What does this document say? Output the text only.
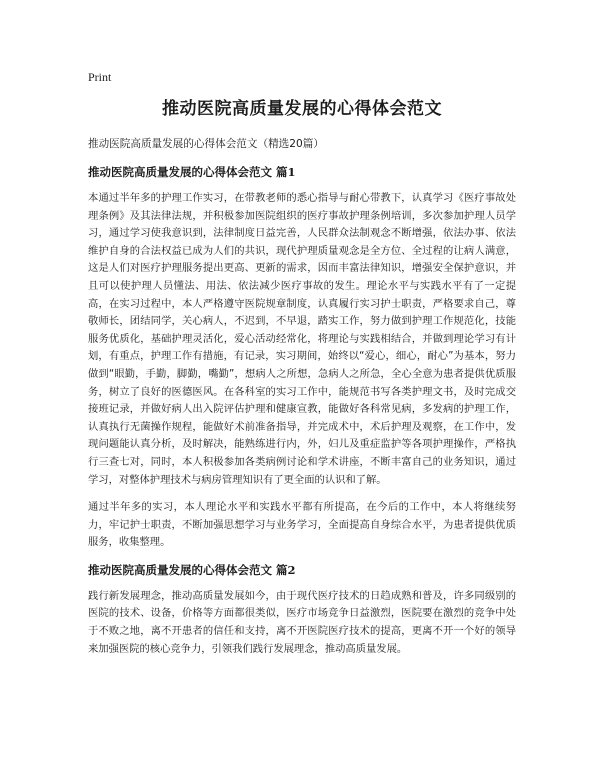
Print
推动医院高质量发展的心得体会范文
推动医院高质量发展的心得体会范文（精选20篇）
推动医院高质量发展的心得体会范文 篇1

本通过半年多的护理工作实习，在带教老师的悉心指导与耐心带教下，认真学习《医疗事故处理条例》及其法律法规，并积极参加医院组织的医疗事故护理条例培训，多次参加护理人员学习，通过学习使我意识到，法律制度日益完善，人民群众法制观念不断增强，依法办事、依法维护自身的合法权益已成为人们的共识，现代护理质量观念是全方位、全过程的让病人满意，这是人们对医疗护理服务提出更高、更新的需求，因而丰富法律知识，增强安全保护意识，并且可以使护理人员懂法、用法、依法减少医疗事故的发生。理论水平与实践水平有了一定提高，在实习过程中，本人严格遵守医院规章制度，认真履行实习护士职责，严格要求自己，尊敬师长，团结同学，关心病人，不迟到，不早退，踏实工作，努力做到护理工作规范化，技能服务优质化，基础护理灵活化，爱心活动经常化，将理论与实践相结合，并做到理论学习有计划，有重点，护理工作有措施，有记录，实习期间，始终以“爱心，细心，耐心”为基本，努力做到“眼勤，手勤，脚勤，嘴勤”，想病人之所想，急病人之所急，全心全意为患者提供优质服务，树立了良好的医德医风。在各科室的实习工作中，能规范书写各类护理文书，及时完成交接班记录，并做好病人出入院评估护理和健康宣教，能做好各科常见病，多发病的护理工作，认真执行无菌操作规程，能做好术前准备指导，并完成术中，术后护理及观察，在工作中，发现问题能认真分析，及时解决，能熟练进行内，外，妇儿及重症监护等各项护理操作，严格执行三查七对，同时，本人积极参加各类病例讨论和学术讲座，不断丰富自己的业务知识，通过学习，对整体护理技术与病房管理知识有了更全面的认识和了解。

通过半年多的实习，本人理论水平和实践水平都有所提高，在今后的工作中，本人将继续努力，牢记护士职责，不断加强思想学习与业务学习，全面提高自身综合水平，为患者提供优质服务，收集整理。

推动医院高质量发展的心得体会范文 篇2

践行新发展理念，推动高质量发展如今，由于现代医疗技术的日趋成熟和普及，许多同级别的医院的技术、设备，价格等方面都很类似，医疗市场竞争日益激烈，医院要在激烈的竞争中处于不败之地，离不开患者的信任和支持，离不开医院医疗技术的提高，更离不开一个好的领导来加强医院的核心竞争力，引领我们践行发展理念，推动高质量发展。
